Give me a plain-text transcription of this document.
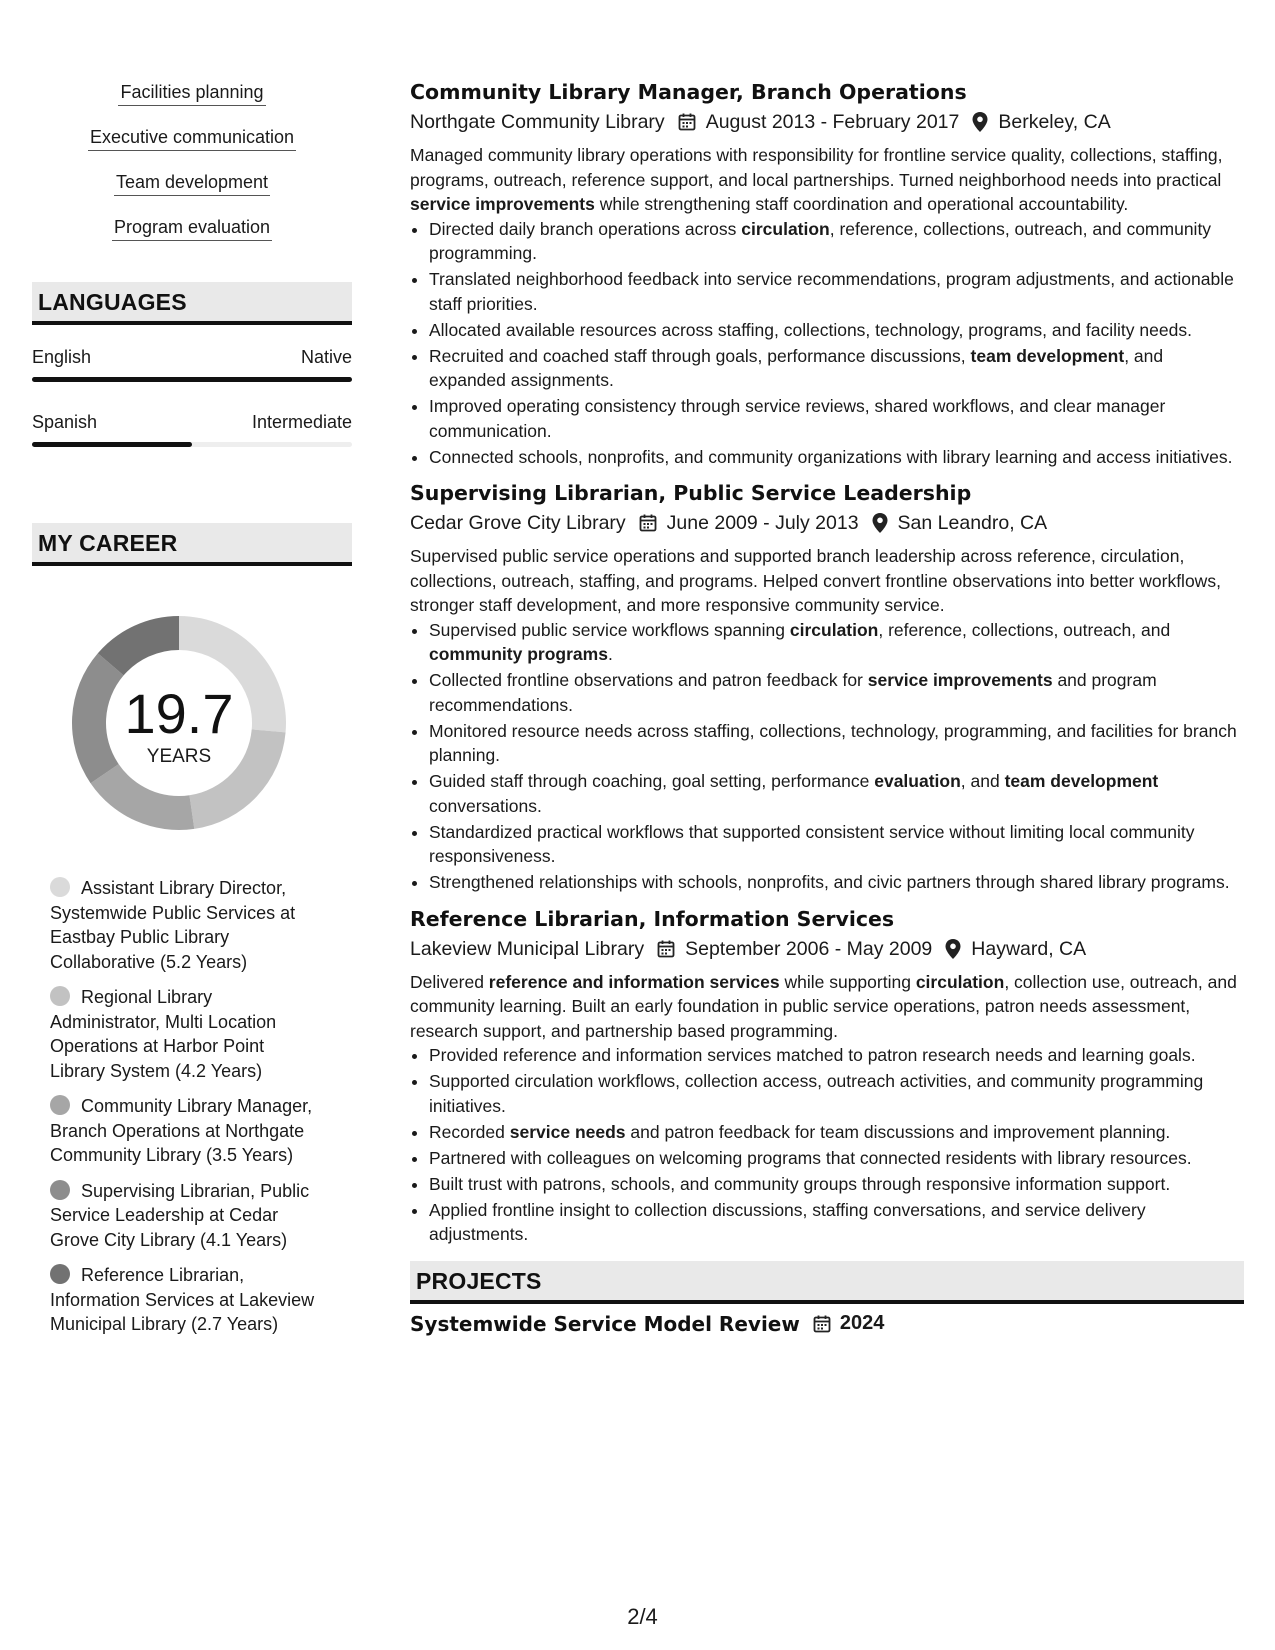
Facilities planning
Executive communication
Team development
Program evaluation
LANGUAGES
English	Native
Spanish	Intermediate
MY CAREER
19.7
YEARS
Assistant Library Director, Systemwide Public Services at Eastbay Public Library Collaborative (5.2 Years)
Regional Library Administrator, Multi Location Operations at Harbor Point Library System (4.2 Years)
Community Library Manager, Branch Operations at Northgate Community Library (3.5 Years)
Supervising Librarian, Public Service Leadership at Cedar Grove City Library (4.1 Years)
Reference Librarian, Information Services at Lakeview Municipal Library (2.7 Years)
Community Library Manager, Branch Operations
Northgate Community Library August 2013 - February 2017 Berkeley, CA
Managed community library operations with responsibility for frontline service quality, collections, staffing, programs, outreach, reference support, and local partnerships. Turned neighborhood needs into practical service improvements while strengthening staff coordination and operational accountability.
• Directed daily branch operations across circulation, reference, collections, outreach, and community programming.
• Translated neighborhood feedback into service recommendations, program adjustments, and actionable staff priorities.
• Allocated available resources across staffing, collections, technology, programs, and facility needs.
• Recruited and coached staff through goals, performance discussions, team development, and expanded assignments.
• Improved operating consistency through service reviews, shared workflows, and clear manager communication.
• Connected schools, nonprofits, and community organizations with library learning and access initiatives.
Supervising Librarian, Public Service Leadership
Cedar Grove City Library June 2009 - July 2013 San Leandro, CA
Supervised public service operations and supported branch leadership across reference, circulation, collections, outreach, staffing, and programs. Helped convert frontline observations into better workflows, stronger staff development, and more responsive community service.
• Supervised public service workflows spanning circulation, reference, collections, outreach, and community programs.
• Collected frontline observations and patron feedback for service improvements and program recommendations.
• Monitored resource needs across staffing, collections, technology, programming, and facilities for branch planning.
• Guided staff through coaching, goal setting, performance evaluation, and team development conversations.
• Standardized practical workflows that supported consistent service without limiting local community responsiveness.
• Strengthened relationships with schools, nonprofits, and civic partners through shared library programs.
Reference Librarian, Information Services
Lakeview Municipal Library September 2006 - May 2009 Hayward, CA
Delivered reference and information services while supporting circulation, collection use, outreach, and community learning. Built an early foundation in public service operations, patron needs assessment, research support, and partnership based programming.
• Provided reference and information services matched to patron research needs and learning goals.
• Supported circulation workflows, collection access, outreach activities, and community programming initiatives.
• Recorded service needs and patron feedback for team discussions and improvement planning.
• Partnered with colleagues on welcoming programs that connected residents with library resources.
• Built trust with patrons, schools, and community groups through responsive information support.
• Applied frontline insight to collection discussions, staffing conversations, and service delivery adjustments.
PROJECTS
Systemwide Service Model Review 2024
2/4
